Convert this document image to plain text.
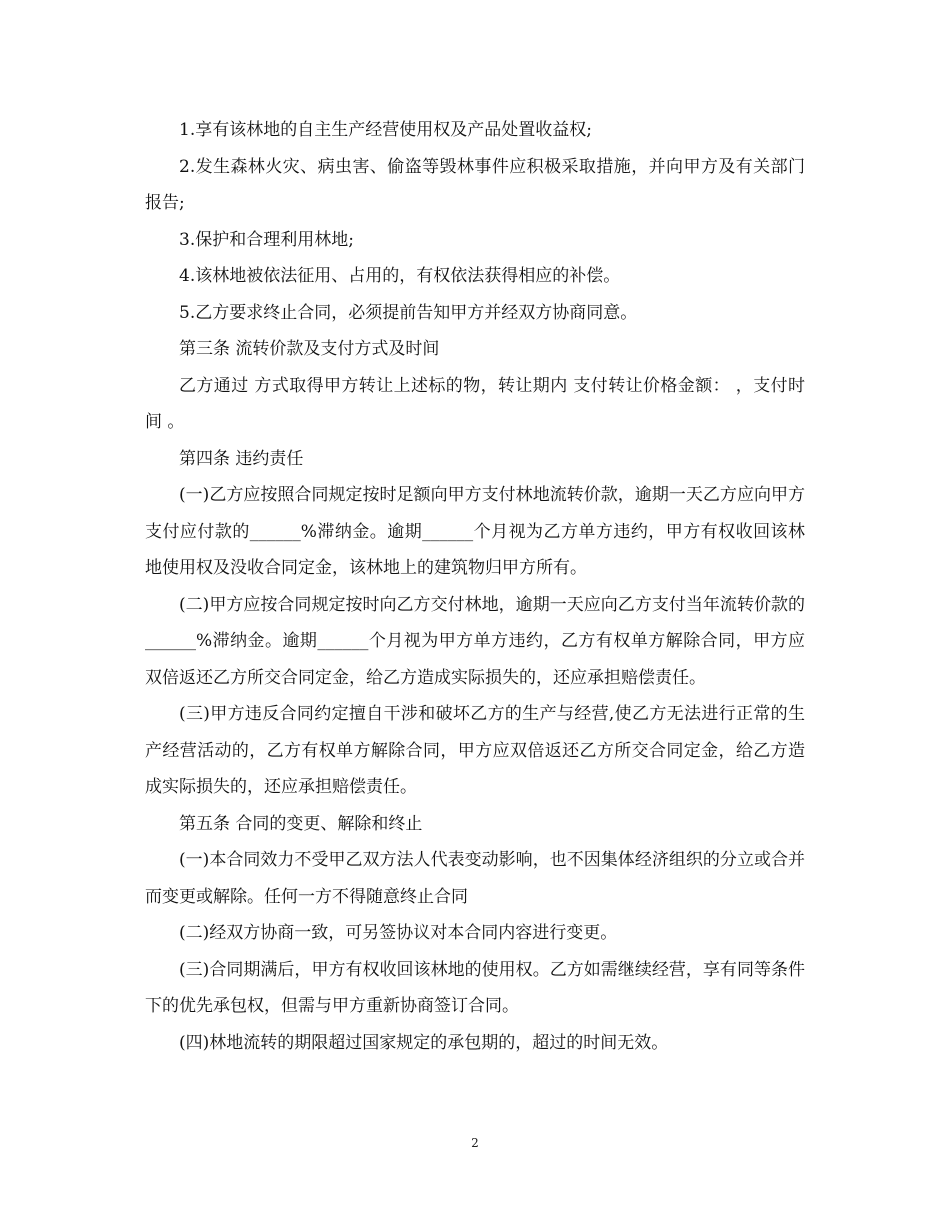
1.享有该林地的自主生产经营使用权及产品处置收益权;

2.发生森林火灾、病虫害、偷盗等毁林事件应积极采取措施，并向甲方及有关部门报告;

3.保护和合理利用林地;

4.该林地被依法征用、占用的，有权依法获得相应的补偿。

5.乙方要求终止合同，必须提前告知甲方并经双方协商同意。

第三条 流转价款及支付方式及时间

乙方通过 方式取得甲方转让上述标的物，转让期内 支付转让价格金额： ，支付时间 。

第四条 违约责任

(一)乙方应按照合同规定按时足额向甲方支付林地流转价款，逾期一天乙方应向甲方支付应付款的______%滞纳金。逾期______个月视为乙方单方违约，甲方有权收回该林地使用权及没收合同定金，该林地上的建筑物归甲方所有。

(二)甲方应按合同规定按时向乙方交付林地，逾期一天应向乙方支付当年流转价款的______%滞纳金。逾期______个月视为甲方单方违约，乙方有权单方解除合同，甲方应双倍返还乙方所交合同定金，给乙方造成实际损失的，还应承担赔偿责任。

(三)甲方违反合同约定擅自干涉和破坏乙方的生产与经营,使乙方无法进行正常的生产经营活动的，乙方有权单方解除合同，甲方应双倍返还乙方所交合同定金，给乙方造成实际损失的，还应承担赔偿责任。

第五条 合同的变更、解除和终止

(一)本合同效力不受甲乙双方法人代表变动影响，也不因集体经济组织的分立或合并而变更或解除。任何一方不得随意终止合同

(二)经双方协商一致，可另签协议对本合同内容进行变更。

(三)合同期满后，甲方有权收回该林地的使用权。乙方如需继续经营，享有同等条件下的优先承包权，但需与甲方重新协商签订合同。

(四)林地流转的期限超过国家规定的承包期的，超过的时间无效。

2
